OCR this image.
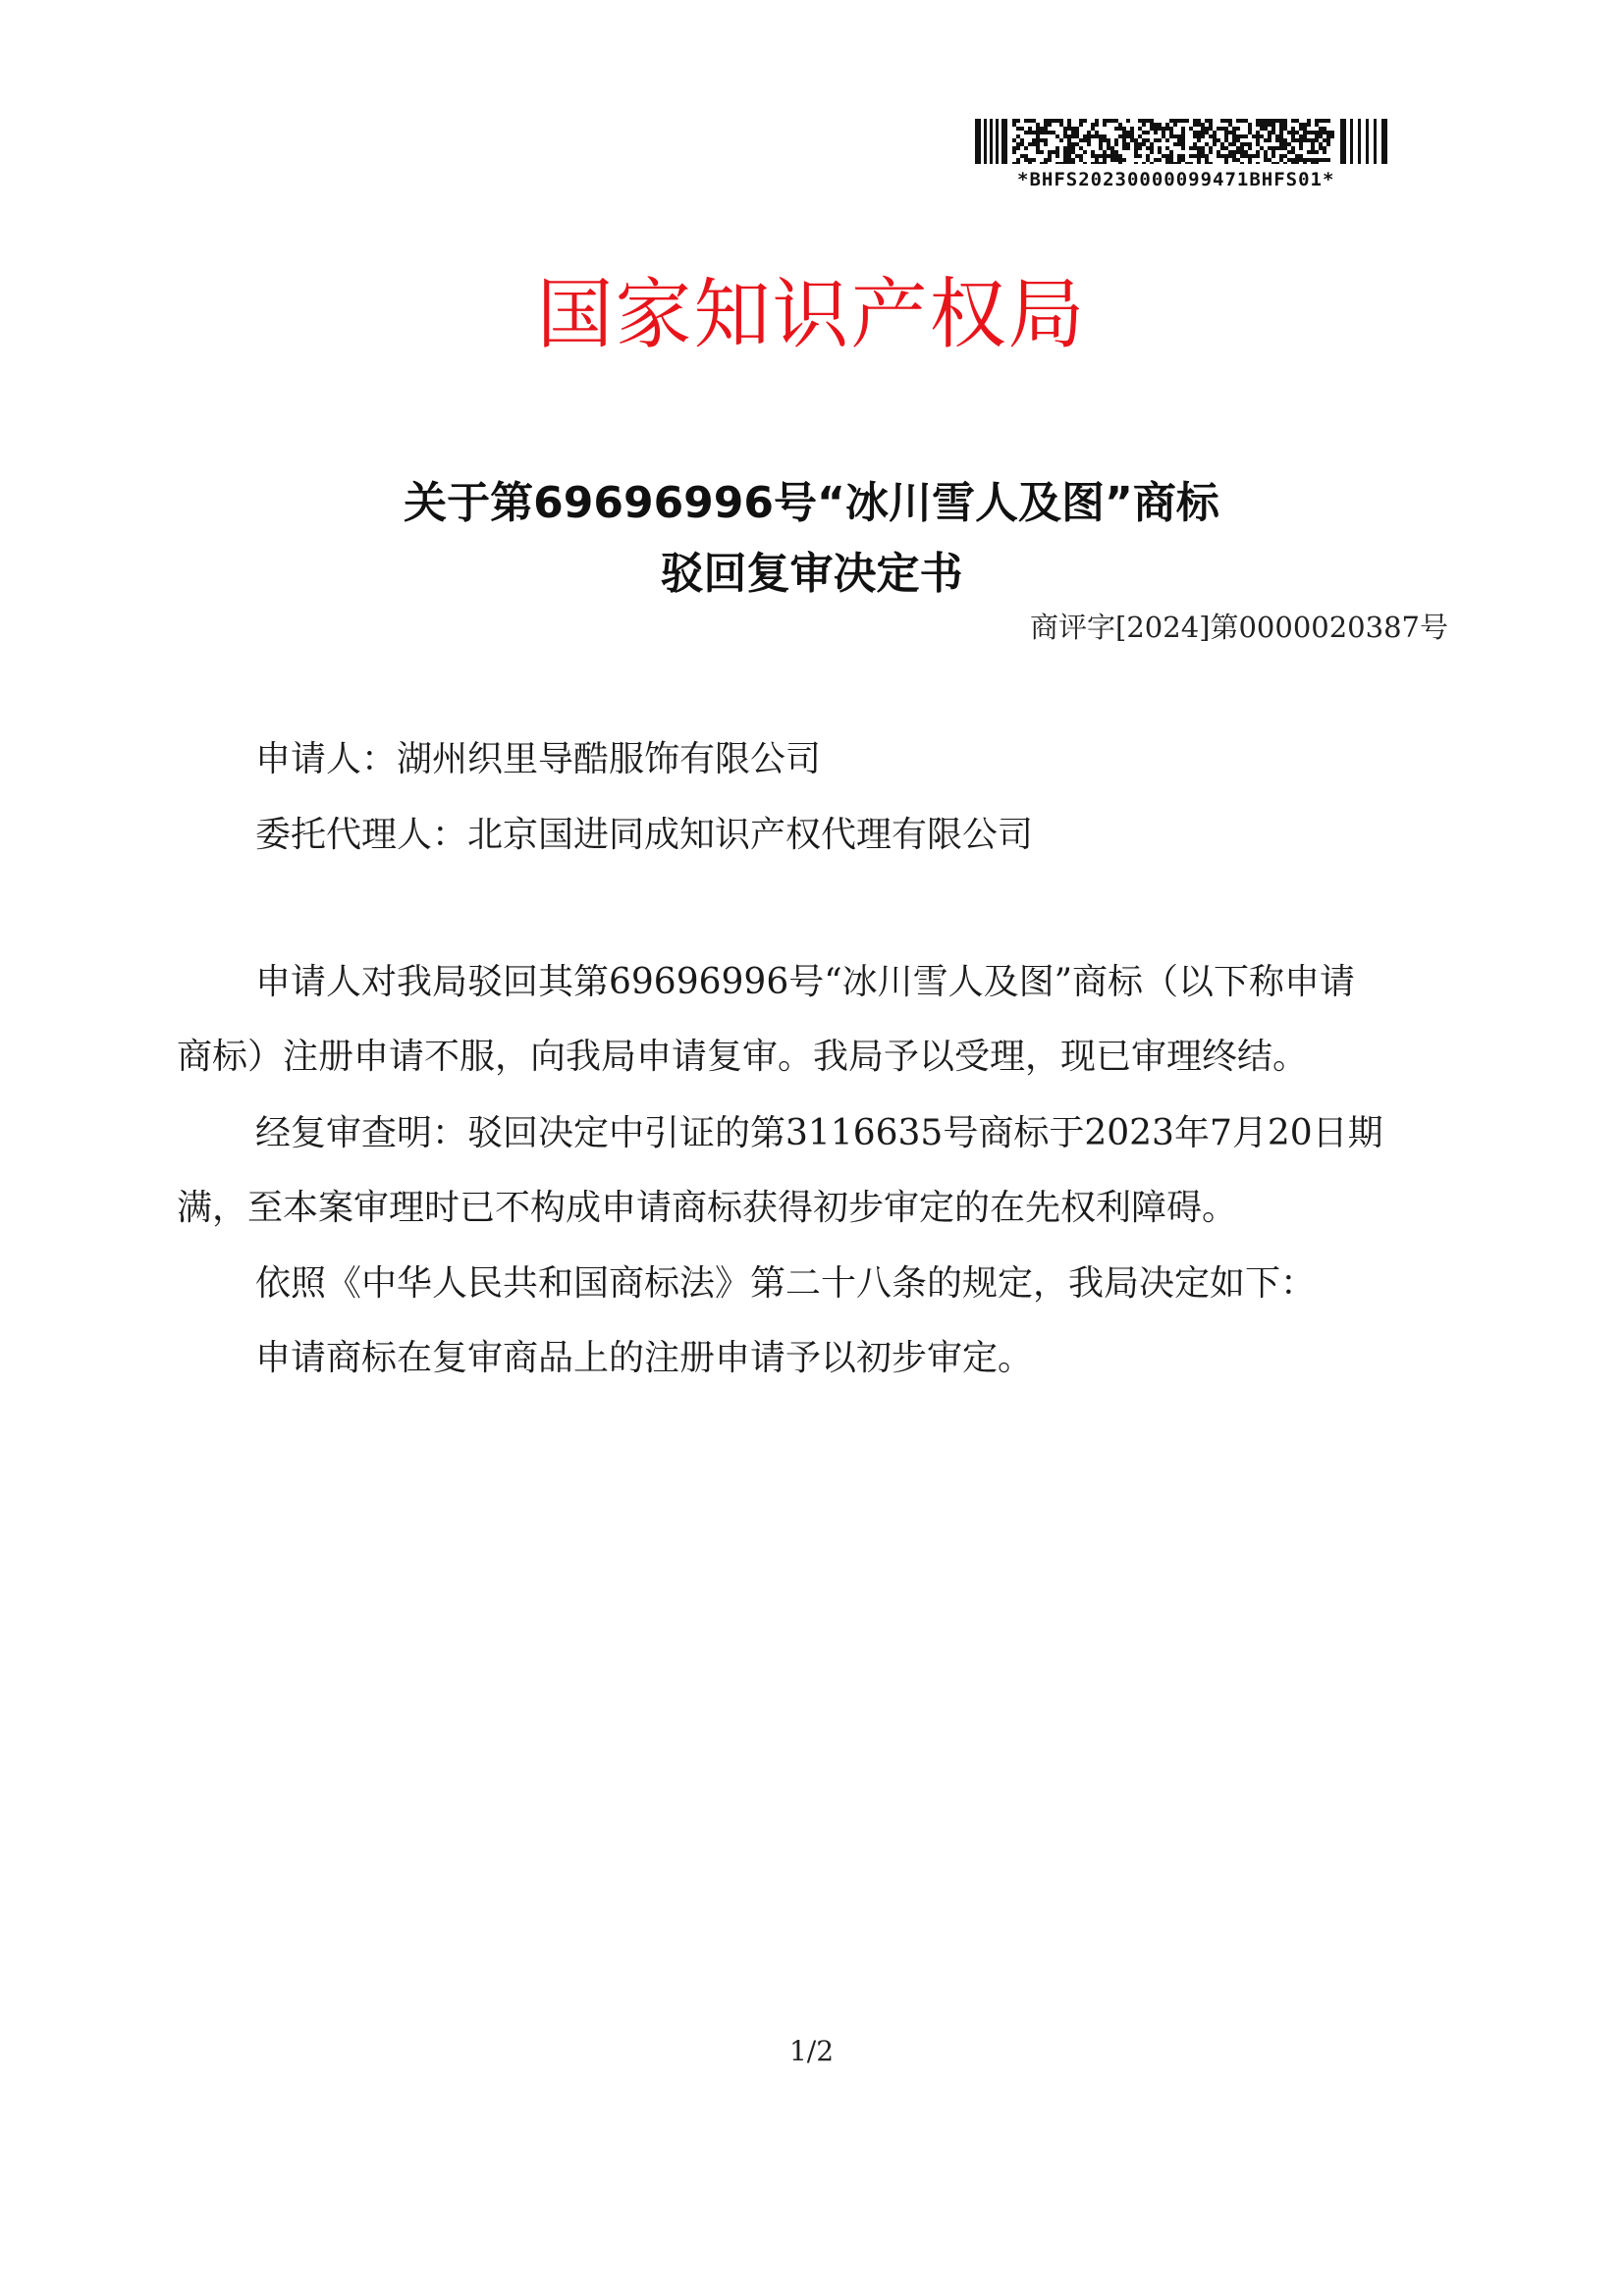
*BHFS20230000099471BHFS01*
国家知识产权局
关于第69696996号“冰川雪人及图”商标
驳回复审决定书
商评字[2024]第0000020387号
申请人：湖州织里导酷服饰有限公司
委托代理人：北京国进同成知识产权代理有限公司
申请人对我局驳回其第69696996号“冰川雪人及图”商标（以下称申请
商标）注册申请不服，向我局申请复审。我局予以受理，现已审理终结。
经复审查明：驳回决定中引证的第3116635号商标于2023年7月20日期
满，至本案审理时已不构成申请商标获得初步审定的在先权利障碍。
依照《中华人民共和国商标法》第二十八条的规定，我局决定如下：
申请商标在复审商品上的注册申请予以初步审定。
1/2
